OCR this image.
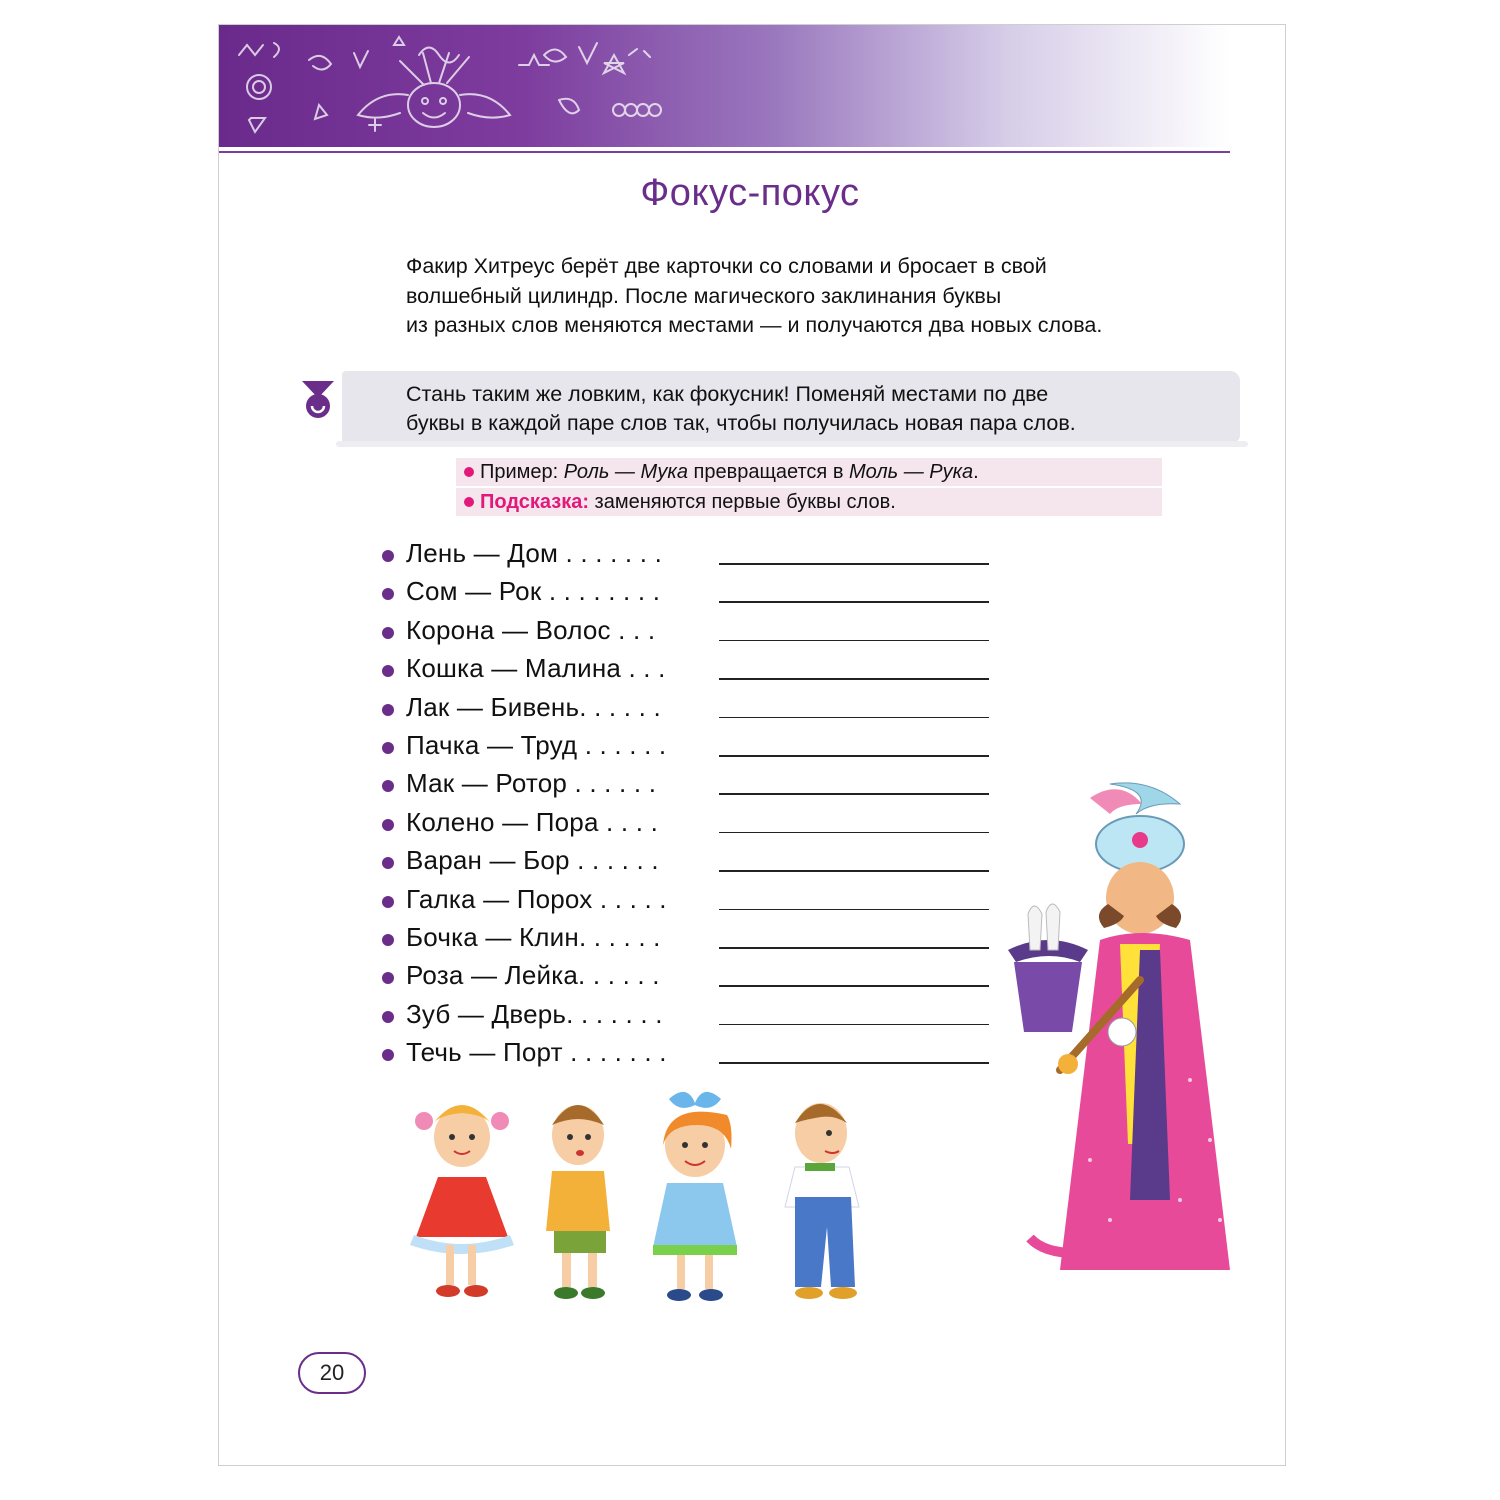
Фокус-покус
Факир Хитреус берёт две карточки со словами и бросает в свой
волшебный цилиндр. После магического заклинания буквы
из разных слов меняются местами — и получаются два новых слова.
Стань таким же ловким, как фокусник! Поменяй местами по две
буквы в каждой паре слов так, чтобы получилась новая пара слов.
Пример: Роль — Мука превращается в Моль — Рука.
Подсказка: заменяются первые буквы слов.
Лень — Дом . . . . . . .
Сом — Рок . . . . . . . .
Корона — Волос . . .
Кошка — Малина . . .
Лак — Бивень. . . . . .
Пачка — Труд . . . . . .
Мак — Ротор . . . . . .
Колено — Пора . . . .
Варан — Бор . . . . . .
Галка — Порох . . . . .
Бочка — Клин. . . . . .
Роза — Лейка. . . . . .
Зуб — Дверь. . . . . . .
Течь — Порт . . . . . . .
20
